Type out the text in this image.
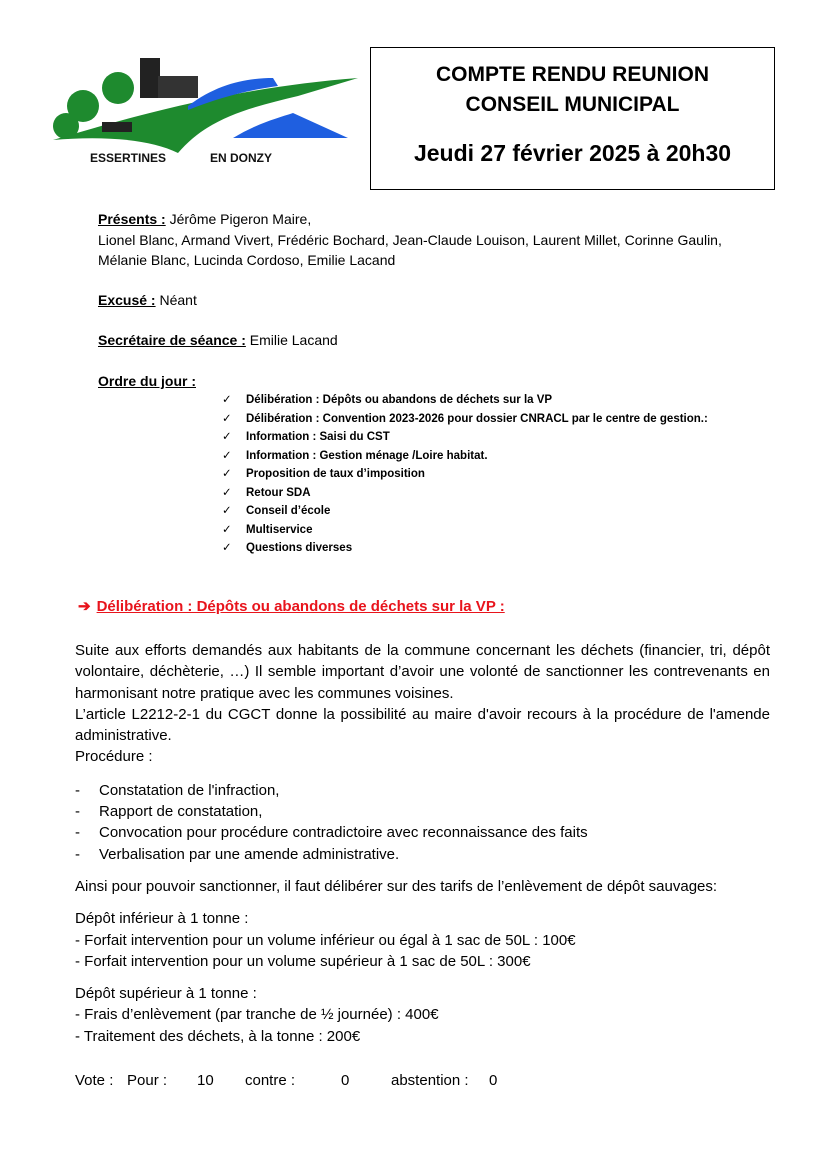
ESSERTINES	EN DONZY
COMPTE RENDU REUNION
CONSEIL MUNICIPAL
Jeudi 27 février 2025 à 20h30
Présents : Jérôme Pigeron Maire,
Lionel Blanc, Armand Vivert, Frédéric Bochard, Jean-Claude Louison, Laurent Millet, Corinne Gaulin,
Mélanie Blanc, Lucinda Cordoso, Emilie Lacand
Excusé : Néant
Secrétaire de séance : Emilie Lacand
Ordre du jour :
✓ Délibération : Dépôts ou abandons de déchets sur la VP
✓ Délibération : Convention 2023-2026 pour dossier CNRACL par le centre de gestion.:
✓ Information : Saisi du CST
✓ Information : Gestion ménage /Loire habitat.
✓ Proposition de taux d’imposition
✓ Retour SDA
✓ Conseil d’école
✓ Multiservice
✓ Questions diverses
➔ Délibération : Dépôts ou abandons de déchets sur la VP :
Suite aux efforts demandés aux habitants de la commune concernant les déchets (financier, tri, dépôt volontaire, déchèterie, …) Il semble important d’avoir une volonté de sanctionner les contrevenants en harmonisant notre pratique avec les communes voisines.
L’article L2212-2-1 du CGCT donne la possibilité au maire d'avoir recours à la procédure de l'amende administrative.
Procédure :
-	Constatation de l'infraction,
-	Rapport de constatation,
-	Convocation pour procédure contradictoire avec reconnaissance des faits
-	Verbalisation par une amende administrative.
Ainsi pour pouvoir sanctionner, il faut délibérer sur des tarifs de l’enlèvement de dépôt sauvages:
Dépôt inférieur à 1 tonne :
- Forfait intervention pour un volume inférieur ou égal à 1 sac de 50L : 100€
- Forfait intervention pour un volume supérieur à 1 sac de 50L : 300€
Dépôt supérieur à 1 tonne :
- Frais d’enlèvement (par tranche de ½ journée) : 400€
- Traitement des déchets, à la tonne : 200€
Vote : Pour : 10 contre :	0	abstention : 0
